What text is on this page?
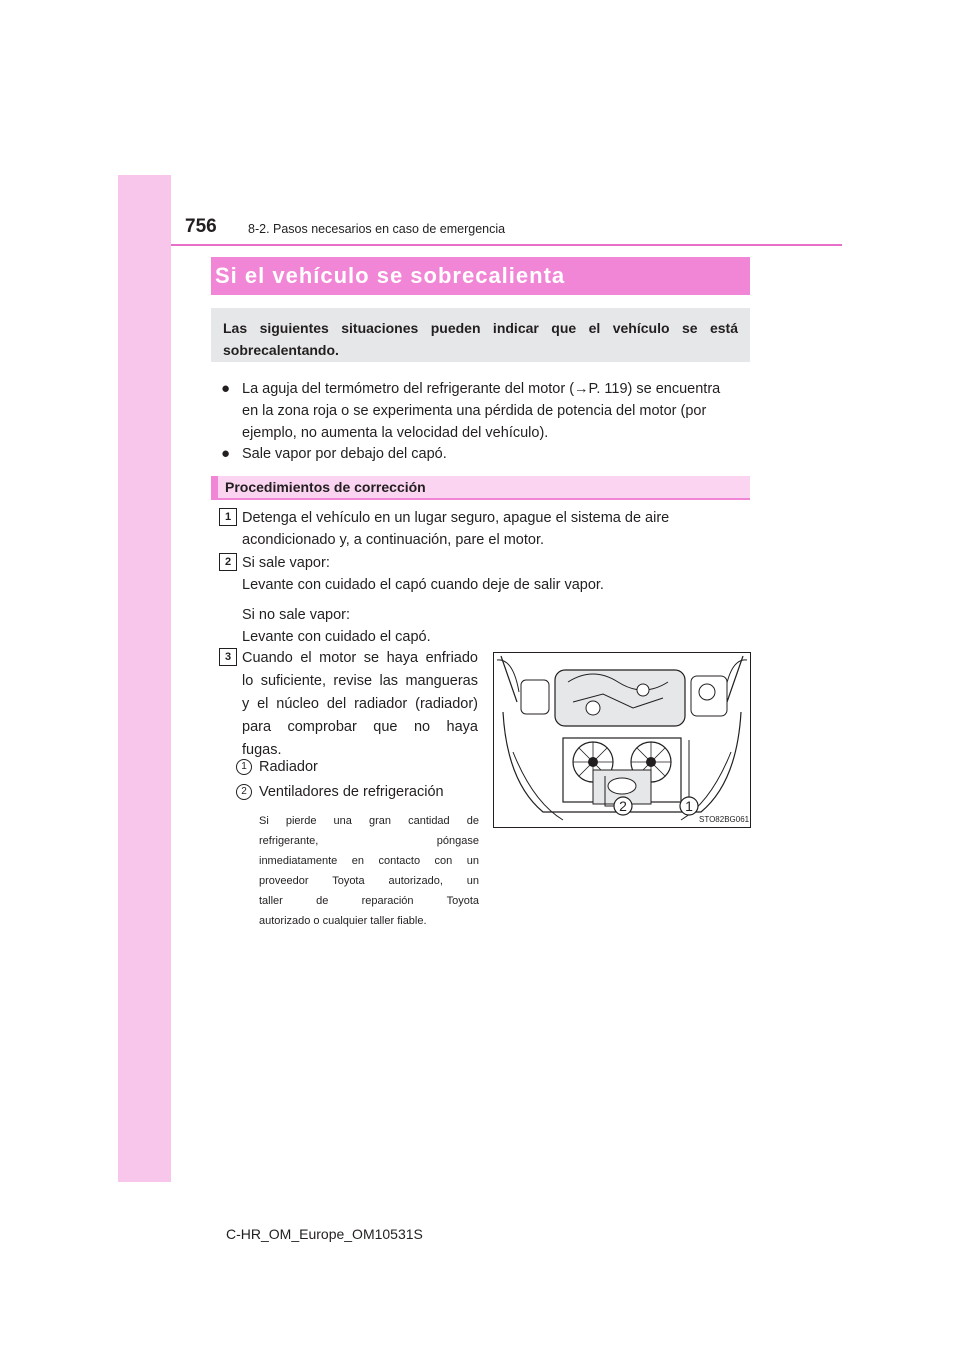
756	8-2. Pasos necesarios en caso de emergencia
Si el vehículo se sobrecalienta
Las siguientes situaciones pueden indicar que el vehículo se está sobrecalentando.
● La aguja del termómetro del refrigerante del motor (→P. 119) se encuentra
en la zona roja o se experimenta una pérdida de potencia del motor (por
ejemplo, no aumenta la velocidad del vehículo).
● Sale vapor por debajo del capó.
Procedimientos de corrección
1 Detenga el vehículo en un lugar seguro, apague el sistema de aire
acondicionado y, a continuación, pare el motor.
2 Si sale vapor:
Levante con cuidado el capó cuando deje de salir vapor.
Si no sale vapor:
Levante con cuidado el capó.
3 Cuando el motor se haya enfriado
lo suficiente, revise las mangueras
y el núcleo del radiador (radiador)
para comprobar que no haya
fugas.
1 Radiador
2 Ventiladores de refrigeración
Si pierde una gran cantidad de
refrigerante, póngase
inmediatamente en contacto con un
proveedor Toyota autorizado, un
taller de reparación Toyota
autorizado o cualquier taller fiable.
2	1
STO82BG061
C-HR_OM_Europe_OM10531S
